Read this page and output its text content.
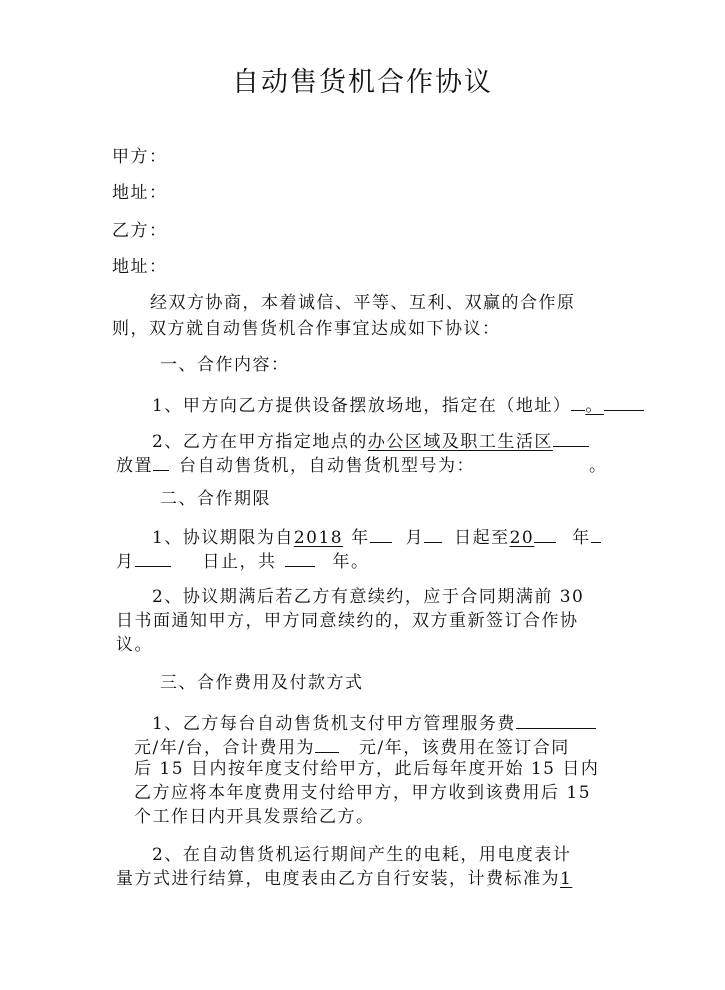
自动售货机合作协议
甲方：
地址：
乙方：
地址：
经双方协商，本着诚信、平等、互利、双赢的合作原
则，双方就自动售货机合作事宜达成如下协议：
一、合作内容：
1、甲方向乙方提供设备摆放场地，指定在（地址） 。
2、乙方在甲方指定地点的办公区域及职工生活区
放置 台自动售货机，自动售货机型号为：	。
二、合作期限
1、协议期限为自2018 年 月 日起至20 年
月	日止，共	年。
2、协议期满后若乙方有意续约，应于合同期满前 30
日书面通知甲方，甲方同意续约的，双方重新签订合作协
议。
三、合作费用及付款方式
1、乙方每台自动售货机支付甲方管理服务费
元/年/台，合计费用为	元/年，该费用在签订合同
后 15 日内按年度支付给甲方，此后每年度开始 15 日内
乙方应将本年度费用支付给甲方，甲方收到该费用后 15
个工作日内开具发票给乙方。
2、在自动售货机运行期间产生的电耗，用电度表计
量方式进行结算，电度表由乙方自行安装，计费标准为1
